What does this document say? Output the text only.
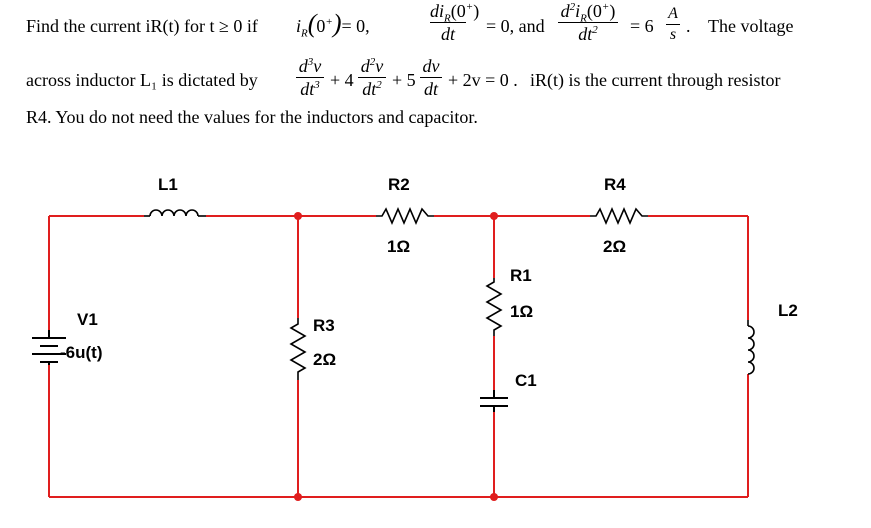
Find the current iR(t) for t ≥ 0 if $i_R(0^+)= 0$,
$di_R(0^+)$
dt	= 0, and
$d^2i_R(0^+)$
$dt^2$	= 6
A
s . The voltage
across inductor L₁ is dictated by
$d^3v$
$dt^3 + 4$
$d^2v$
$dt^2 + 5$
dv
dt + 2v = 0 . iR(t) is the current through resistor
R4. You do not need the values for the inductors and capacitor.
L1	R2
1Ω
R4
2Ω
R1
1Ω
C1
R3
2Ω
V1
-6u(t)
L2
